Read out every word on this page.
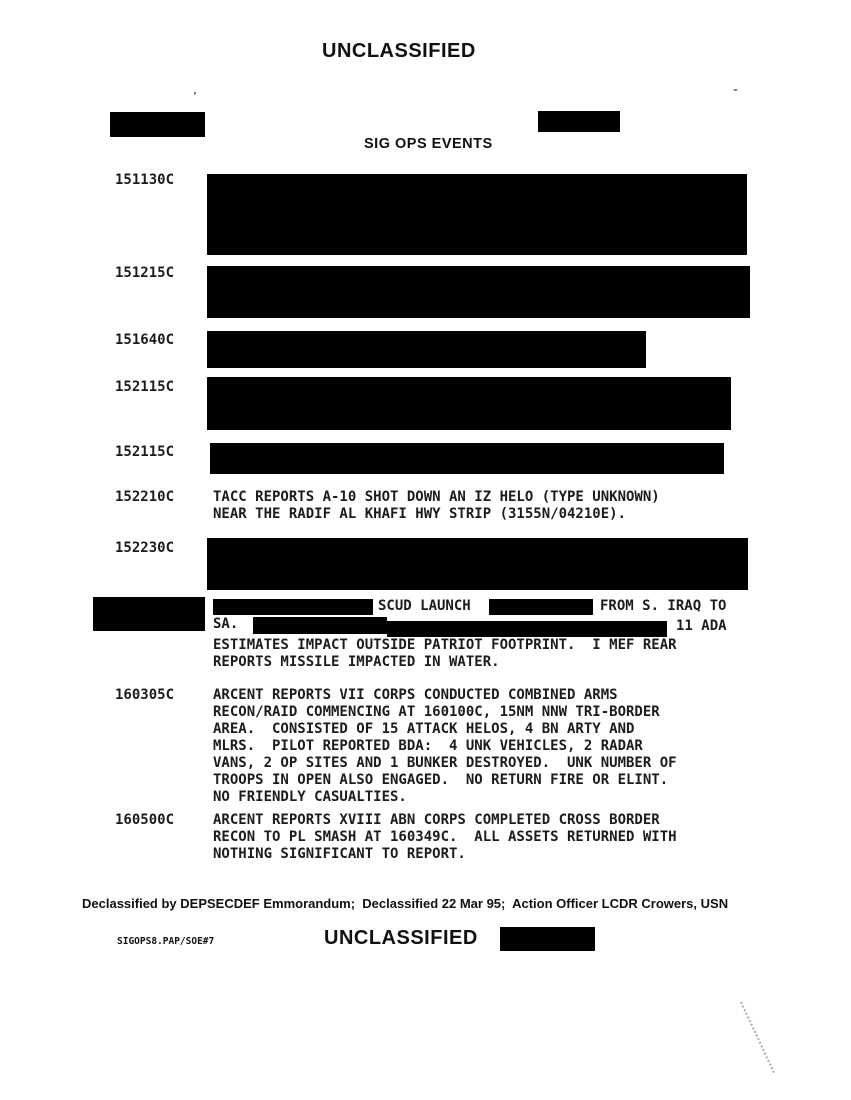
UNCLASSIFIED
’	-
SIG OPS EVENTS
151130C
151215C
151640C
152115C
152115C
152210C	TACC REPORTS A-10 SHOT DOWN AN IZ HELO (TYPE UNKNOWN)
NEAR THE RADIF AL KHAFI HWY STRIP (3155N/04210E).
152230C
SCUD LAUNCH	FROM S. IRAQ TO
SA.	11 ADA
ESTIMATES IMPACT OUTSIDE PATRIOT FOOTPRINT.  I MEF REAR
REPORTS MISSILE IMPACTED IN WATER.
160305C	ARCENT REPORTS VII CORPS CONDUCTED COMBINED ARMS
RECON/RAID COMMENCING AT 160100C, 15NM NNW TRI-BORDER
AREA.  CONSISTED OF 15 ATTACK HELOS, 4 BN ARTY AND
MLRS.  PILOT REPORTED BDA:  4 UNK VEHICLES, 2 RADAR
VANS, 2 OP SITES AND 1 BUNKER DESTROYED.  UNK NUMBER OF
TROOPS IN OPEN ALSO ENGAGED.  NO RETURN FIRE OR ELINT.
NO FRIENDLY CASUALTIES.
160500C	ARCENT REPORTS XVIII ABN CORPS COMPLETED CROSS BORDER
RECON TO PL SMASH AT 160349C.  ALL ASSETS RETURNED WITH
NOTHING SIGNIFICANT TO REPORT.
Declassified by DEPSECDEF Emmorandum;  Declassified 22 Mar 95;  Action Officer LCDR Crowers, USN
SIGOPS8.PAP/SOE#7	UNCLASSIFIED
